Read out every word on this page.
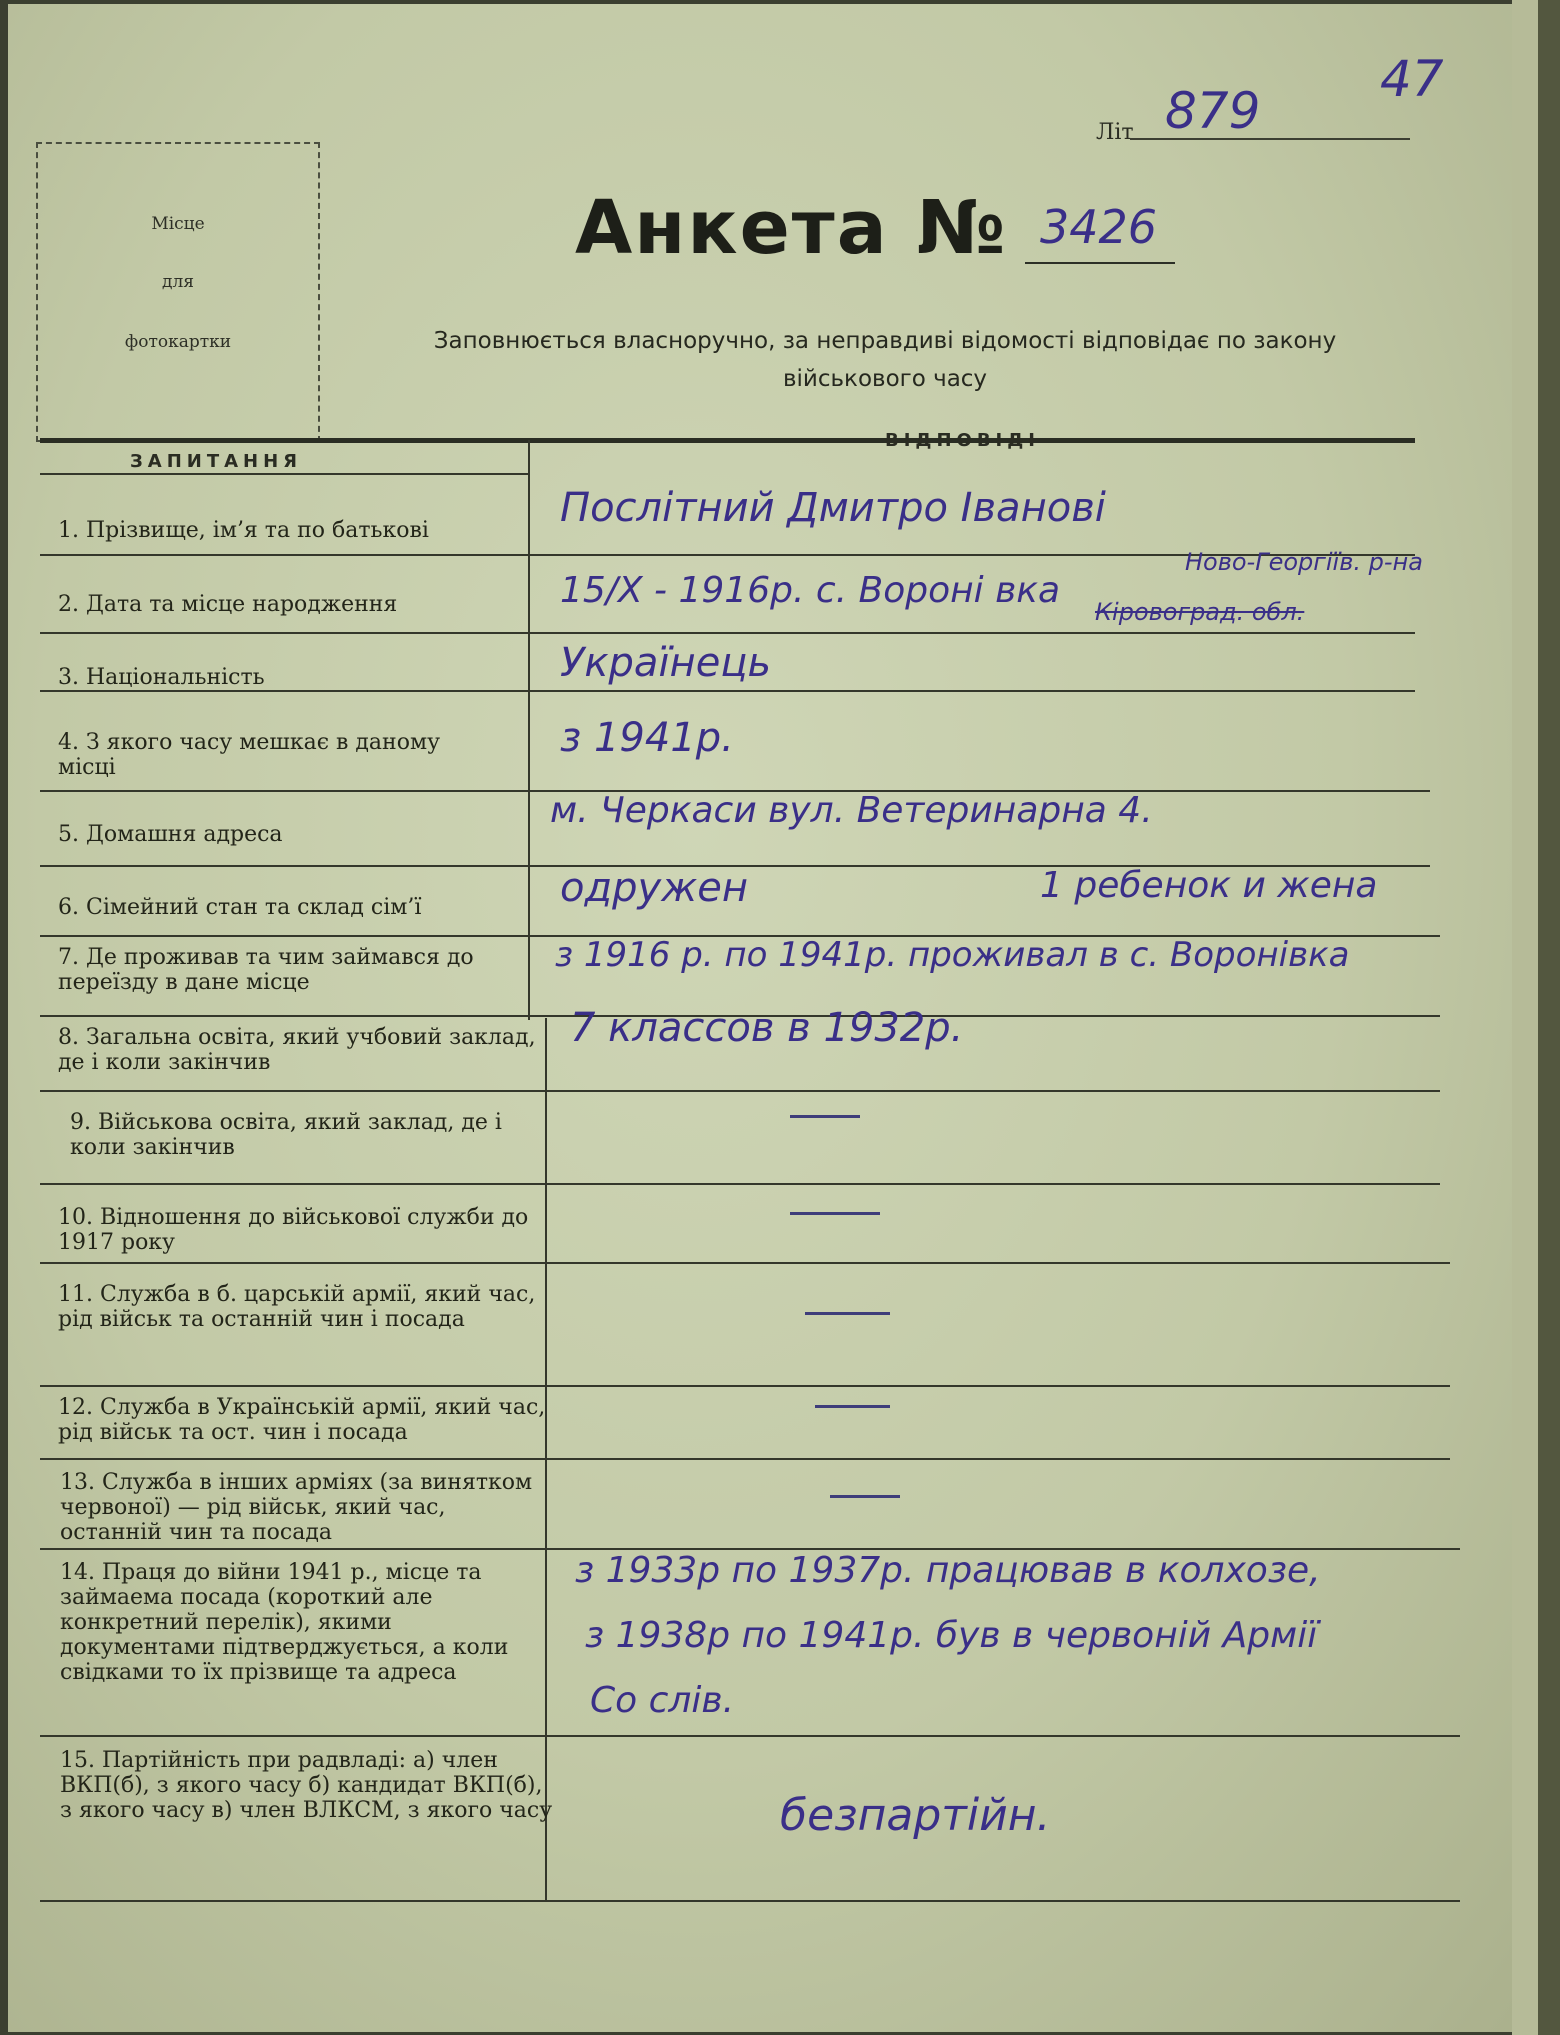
Місце
для
фотокартки
Літ 879
47
Анкета № 3426
Заповнюється власноручно, за неправдиві відомості відповідає по закону
військового часу
ЗАПИТАННЯ
ВІДПОВІДІ
1. Прізвище, ім’я та по батькові
2. Дата та місце народження
3. Національність
4. З якого часу мешкає в даному місці
5. Домашня адреса
6. Сімейний стан та склад сім’ї
7. Де проживав та чим займався до переїзду в дане місце
8. Загальна освіта, який учбовий заклад, де і коли закінчив
9. Військова освіта, який заклад, де і коли закінчив
10. Відношення до військової служби до 1917 року
11. Служба в б. царській армії, який час, рід військ та останній чин і посада
12. Служба в Українській армії, який час, рід військ та ост. чин і посада
13. Служба в інших арміях (за винятком червоної) — рід військ, який час, останній чин та посада
14. Праця до війни 1941 р., місце та займаема посада (короткий але конкретний перелік), якими документами підтверджується, а коли свідками то їх прізвище та адреса
15. Партійність при радвладі: а) член ВКП(б), з якого часу б) кандидат ВКП(б), з якого часу в) член ВЛКСМ, з якого часу
Послітний Дмитро Іванові
15/Х - 1916р. с. Вороні вка
Ново-Георгіїв. р-на
Кіровоград. обл.
Українець
з 1941р.
м. Черкаси вул. Ветеринарна 4.
одружен	1 ребенок и жена
з 1916 р. по 1941р. проживал в с. Воронівка
7 классов в 1932р.
з 1933р по 1937р. працював в колхозе,
з 1938р по 1941р. був в червоній Армії
Со слів.
безпартійн.
